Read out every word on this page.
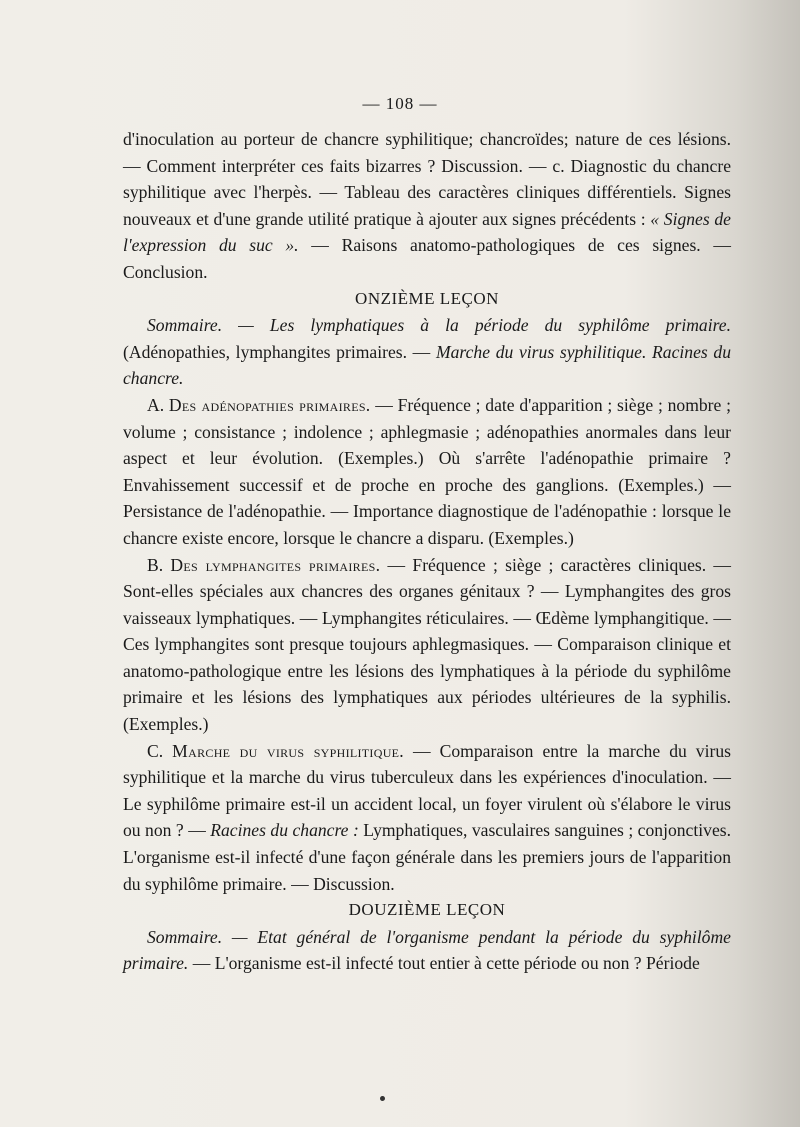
— 108 —

d'inoculation au porteur de chancre syphilitique; chancroïdes; nature de ces lésions. — Comment interpréter ces faits bizarres ? Discussion. — c. Diagnostic du chancre syphilitique avec l'herpès. — Tableau des caractères cliniques différentiels. Signes nouveaux et d'une grande utilité pratique à ajouter aux signes précédents : « Signes de l'expression du suc ». — Raisons anatomo-pathologiques de ces signes. — Conclusion.

ONZIÈME LEÇON

Sommaire. — Les lymphatiques à la période du syphilôme primaire. (Adénopathies, lymphangites primaires. — Marche du virus syphilitique. Racines du chancre.

A. Des adénopathies primaires. — Fréquence ; date d'apparition ; siège ; nombre ; volume ; consistance ; indolence ; aphlegmasie ; adénopathies anormales dans leur aspect et leur évolution. (Exemples.) Où s'arrête l'adénopathie primaire ? Envahissement successif et de proche en proche des ganglions. (Exemples.) — Persistance de l'adénopathie. — Importance diagnostique de l'adénopathie : lorsque le chancre existe encore, lorsque le chancre a disparu. (Exemples.)

B. Des lymphangites primaires. — Fréquence ; siège ; caractères cliniques. — Sont-elles spéciales aux chancres des organes génitaux ? — Lymphangites des gros vaisseaux lymphatiques. — Lymphangites réticulaires. — Œdème lymphangitique. — Ces lymphangites sont presque toujours aphlegmasiques. — Comparaison clinique et anatomo-pathologique entre les lésions des lymphatiques à la période du syphilôme primaire et les lésions des lymphatiques aux périodes ultérieures de la syphilis. (Exemples.)

C. Marche du virus syphilitique. — Comparaison entre la marche du virus syphilitique et la marche du virus tuberculeux dans les expériences d'inoculation. — Le syphilôme primaire est-il un accident local, un foyer virulent où s'élabore le virus ou non ? — Racines du chancre : Lymphatiques, vasculaires sanguines ; conjonctives. L'organisme est-il infecté d'une façon générale dans les premiers jours de l'apparition du syphilôme primaire. — Discussion.

DOUZIÈME LEÇON

Sommaire. — Etat général de l'organisme pendant la période du syphilôme primaire. — L'organisme est-il infecté tout entier à cette période ou non ? Période
